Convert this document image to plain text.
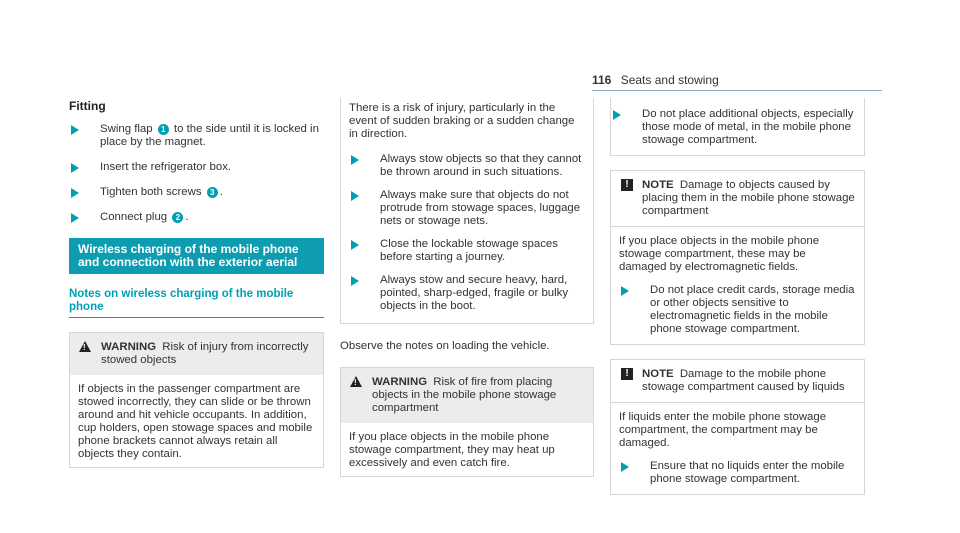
116 Seats and stowing
Fitting
Swing flap 1 to the side until it is locked in place by the magnet.
Insert the refrigerator box.
Tighten both screws 3 .
Connect plug 2 .
Wireless charging of the mobile phone and connection with the exterior aerial
Notes on wireless charging of the mobile phone
! WARNING Risk of injury from incorrectly stowed objects
If objects in the passenger compartment are stowed incorrectly, they can slide or be thrown around and hit vehicle occupants. In addition, cup holders, open stowage spaces and mobile phone brackets cannot always retain all objects they contain.

There is a risk of injury, particularly in the event of sudden braking or a sudden change in direction.

Always stow objects so that they cannot be thrown around in such situations.
Always make sure that objects do not protrude from stowage spaces, luggage nets or stowage nets.
Close the lockable stowage spaces before starting a journey.
Always stow and secure heavy, hard, pointed, sharp-edged, fragile or bulky objects in the boot.

Observe the notes on loading the vehicle.

! WARNING Risk of fire from placing objects in the mobile phone stowage compartment
If you place objects in the mobile phone stowage compartment, they may heat up excessively and even catch fire.
Do not place additional objects, especially those mode of metal, in the mobile phone stowage compartment.
!	NOTE Damage to objects caused by placing them in the mobile phone stowage compartment
If you place objects in the mobile phone stowage compartment, these may be damaged by electromagnetic fields.
Do not place credit cards, storage media or other objects sensitive to electromagnetic fields in the mobile phone stowage compartment.
!	NOTE Damage to the mobile phone stowage compartment caused by liquids
If liquids enter the mobile phone stowage compartment, the compartment may be damaged.
Ensure that no liquids enter the mobile phone stowage compartment.
